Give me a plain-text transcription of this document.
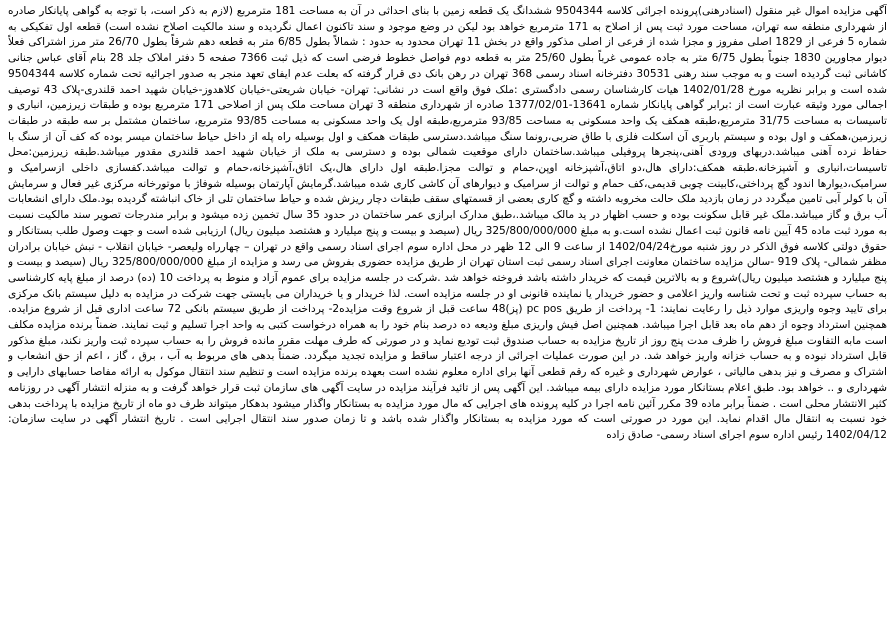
آگهی مزایده اموال غیر منقول (اسنادرهنی)پرونده اجرائی کلاسه 9504344 ششدانگ یک قطعه زمین با بنای احداثی در آن به مساحت 181 مترمربع (لازم به ذکر است، با توجه به گواهی پایانکار صادره از شهرداری منطقه سه تهران، مساحت مورد ثبت پس از اصلاح به 171 مترمربع خواهد بود لیکن در وضع موجود و سند تاکنون اعمال نگردیده و سند مالکیت اصلاح نشده است) قطعه اول تفکیکی به شماره 5 فرعی از 1829 اصلی مفروز و مجزا شده از فرعی از اصلی مذکور واقع در بخش 11 تهران محدود به حدود : شمالاً بطول 6/85 متر به قطعه دهم شرقاً بطول 26/70 متر مرز اشتراکی فعلاً دیوار مجاورین 1830 جنوباً بطول 6/75 متر به جاده عمومی غرباً بطول 25/60 متر به قطعه دوم فواصل خطوط فرضی است که ذیل ثبت 7366 صفحه 5 دفتر املاک جلد 28 بنام آقای عباس جنانی کاشانی ثبت گردیده است و به موجب سند رهنی 30531 دفترخانه اسناد رسمی 368 تهران در رهن بانک دی قرار گرفته که بعلت عدم ایفای تعهد منجر به صدور اجرائیه تحت شماره کلاسه 9504344 شده است و برابر نظریه مورخ 1402/01/28 هیات کارشناسان رسمی دادگستری :ملک فوق واقع است در نشانی: تهران- خیابان شریعتی-خیابان کلاهدوز-خیابان شهید احمد قلندری-پلاک 43 توصیف اجمالی مورد وثیقه عبارت است از :برابر گواهی پایانکار شماره 13641-1377/02/01 صادره از شهرداری منطقه 3 تهران مساحت ملک پس از اصلاحی 171 مترمربع بوده و طبقات زیرزمین، انباری و تاسیسات به مساحت 31/75 مترمربع،طبقه همکف یک واحد مسکونی به مساحت 93/85 مترمربع،طبقه اول یک واحد مسکونی به مساحت 93/85 مترمربع، ساختمان مشتمل بر سه طبقه در طبقات زیرزمین،همکف و اول بوده و سیستم باربری آن اسکلت فلزی با طاق ضربی،رونما سنگ میباشد.دسترسی طبقات همکف و اول بوسیله راه پله از داخل حیاط ساختمان میسر بوده که کف آن از سنگ با حفاظ نرده آهنی میباشد.دربهای ورودی آهنی،پنجرها پروفیلی میباشد.ساختمان دارای موقعیت شمالی بوده و دسترسی به ملک از خیابان شهید احمد قلندری مقدور میباشد.طبقه زیرزمین:محل تاسیسات،انباری و آشپزخانه.طبقه همکف:دارای هال،دو اتاق،آشپزخانه اوپن،حمام و توالت مجزا.طبقه اول دارای هال،یک اتاق،آشپزخانه،حمام و توالت میباشد.کفسازی داخلی ازسرامیک و سرامیک،دیوارها اندود گچ پرداختی،کابینت چوبی قدیمی،کف حمام و توالت از سرامیک و دیوارهای آن کاشی کاری شده میباشد.گرمایش آپارتمان بوسیله شوفاژ با موتورخانه مرکزی غیر فعال و سرمایش آن با کولر آبی تامین میگردد در زمان بازدید ملک حالت مخروبه داشته و گچ کاری بعضی از قسمتهای سقف طبقات دچار ریزش شده و حیاط ساختمان تلی از خاک انباشته گردیده بود.ملک دارای انشعابات آب برق و گاز میباشد.ملک غیر قابل سکونت بوده و حسب اظهار در ید مالک میباشد.،طبق مدارک ابرازی عمر ساختمان در حدود 35 سال تخمین زده میشود و برابر مندرجات تصویر سند مالکیت نسبت به مورد ثبت ماده 45 آیین نامه قانون ثبت اعمال نشده است.و به مبلغ 325/800/000/000 ریال (سیصد و بیست و پنج میلیارد و هشتصد میلیون ریال) ارزیابی شده است و جهت وصول طلب بستانکار و حقوق دولتی کلاسه فوق الذکر در روز شنبه مورخ1402/04/24 از ساعت 9 الی 12 ظهر در محل اداره سوم اجرای اسناد رسمی واقع در تهران – چهارراه ولیعصر- خیابان انقلاب - نبش خیابان برادران مظفر شمالی- پلاک 919 -سالن مزایده ساختمان معاونت اجرای اسناد رسمی ثبت استان تهران از طریق مزایده حضوری بفروش می رسد و مزایده از مبلغ 325/800/000/000 ریال (سیصد و بیست و پنج میلیارد و هشتصد میلیون ریال)شروع و به بالاترین قیمت که خریدار داشته باشد فروخته خواهد شد .شرکت در جلسه مزایده برای عموم آزاد و منوط به پرداخت 10 (ده) درصد از مبلغ پایه کارشناسی به حساب سپرده ثبت و تحت شناسه واریز اعلامی و حضور خریدار یا نماینده قانونی او در جلسه مزایده است. لذا خریدار و یا خریداران می بایستی جهت شرکت در مزایده به دلیل سیستم بانک مرکزی برای تایید وجوه واریزی موارد ذیل را رعایت نمایند: 1- پرداخت از طریق pc pos (پز)48 ساعت قبل از شروع وقت مزایده2- پرداخت از طریق سیستم بانکی 72 ساعت اداری قبل از شروع مزایده. همچنین استرداد وجوه از دهم ماه بعد قابل اجرا میباشد. همچنین اصل فیش واریزی مبلغ ودیعه ده درصد بنام خود را به همراه درخواست کتبی به واحد اجرا تسلیم و ثبت نمایند. ضمناً برنده مزایده مکلف است مابه التفاوت مبلغ فروش را ظرف مدت پنج روز از تاریخ مزایده به حساب صندوق ثبت تودیع نماید و در صورتی که طرف مهلت مقرر مانده فروش را به حساب سپرده ثبت واریز نکند، مبلغ مذکور قابل استرداد نبوده و به حساب خزانه واریز خواهد شد. در این صورت عملیات اجرائی از درجه اعتبار ساقط و مزایده تجدید میگردد. ضمناً بدهی های مربوط به آب ، برق ، گاز ، اعم از حق انشعاب و اشتراک و مصرف و نیز بدهی مالیاتی ، عوارض شهرداری و غیره که رقم قطعی آنها برای اداره معلوم نشده است بعهده برنده مزایده است و تنظیم سند انتقال موکول به ارائه مفاصا حسابهای دارایی و شهرداری و .. خواهد بود. طبق اعلام بستانکار مورد مزایده دارای بیمه میباشد. این آگهی پس از تائید فرآیند مزایده در سایت آگهی های سازمان ثبت قرار خواهد گرفت و به منزله انتشار آگهی در روزنامه کثیر الانتشار محلی است . ضمناً برابر ماده 39 مکرر آئین نامه اجرا در کلیه پرونده های اجرایی که مال مورد مزایده به بستانکار واگذار میشود بدهکار میتواند ظرف دو ماه از تاریخ مزایده با پرداخت بدهی خود نسبت به انتقال مال اقدام نماید. این مورد در صورتی است که مورد مزایده به بستانکار واگذار شده باشد و تا زمان صدور سند انتقال اجرایی است . تاریخ انتشار آگهی در سایت سازمان: 1402/04/12 رئیس اداره سوم اجرای اسناد رسمی- صادق زاده
